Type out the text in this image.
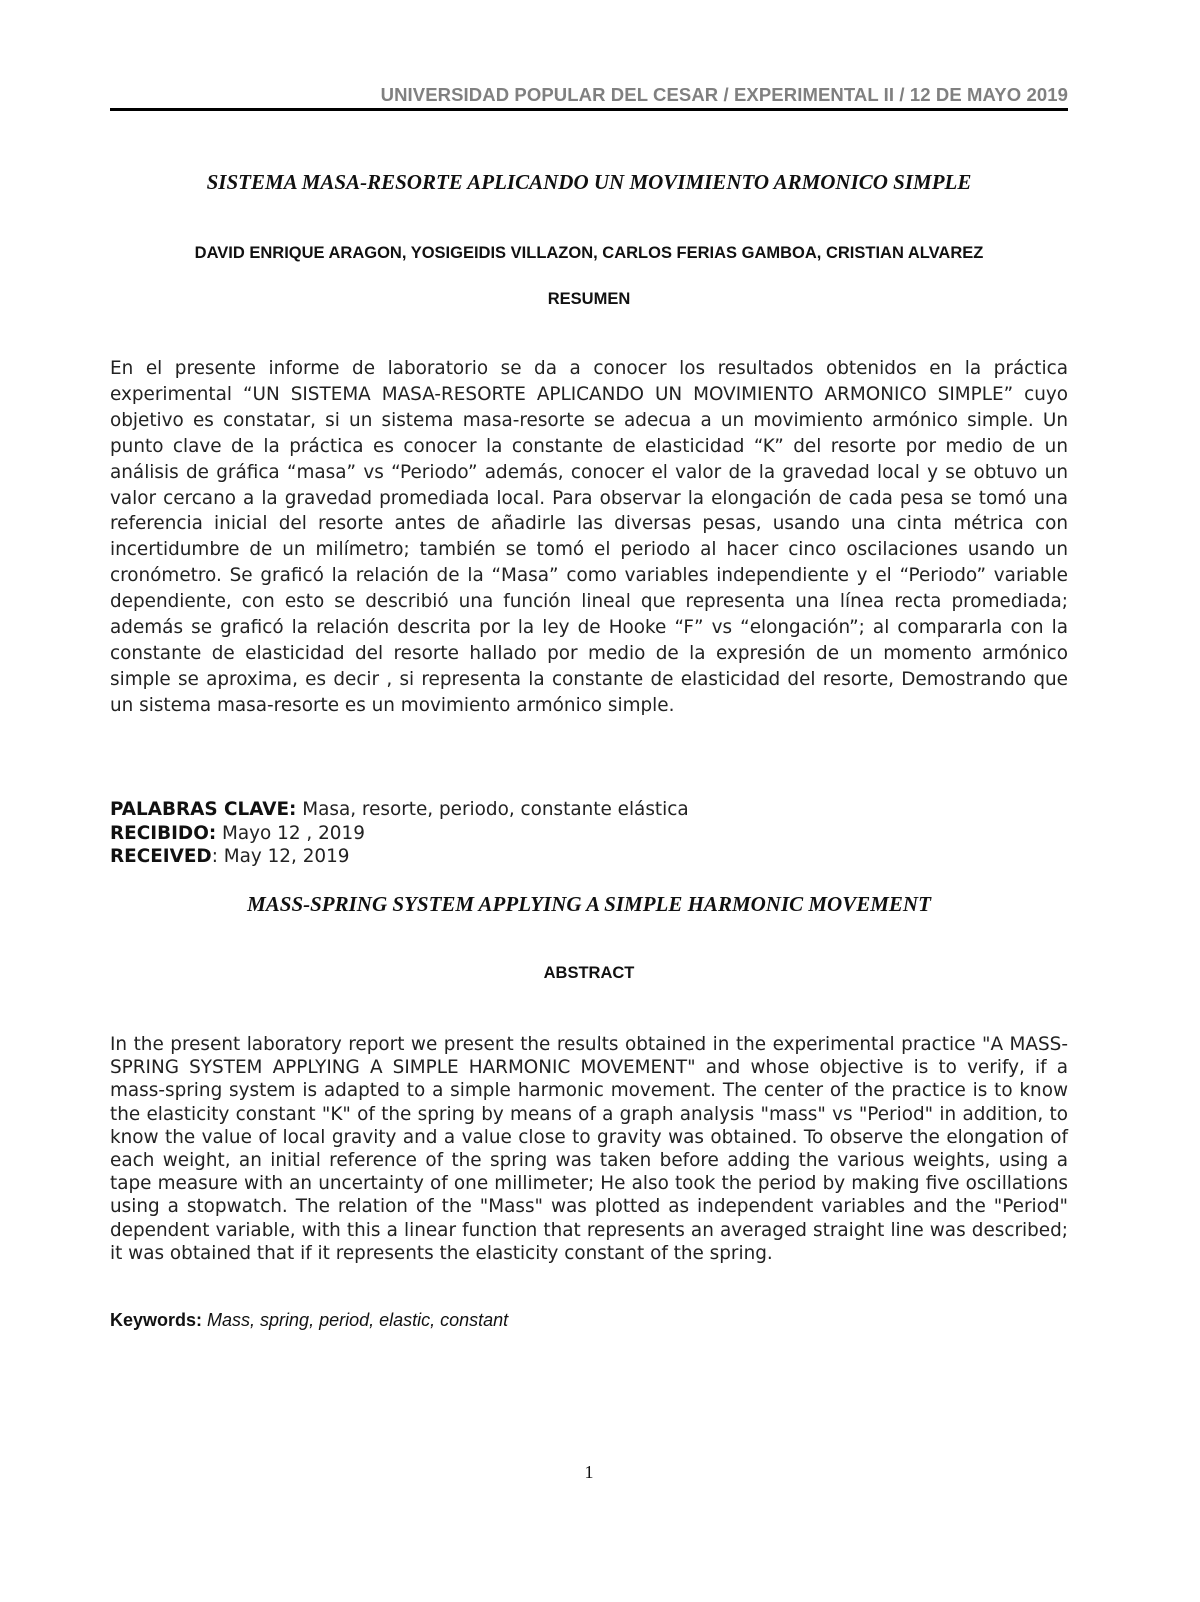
UNIVERSIDAD POPULAR DEL CESAR / EXPERIMENTAL II / 12 DE MAYO 2019
SISTEMA MASA-RESORTE APLICANDO UN MOVIMIENTO ARMONICO SIMPLE
DAVID ENRIQUE ARAGON, YOSIGEIDIS VILLAZON, CARLOS FERIAS GAMBOA, CRISTIAN ALVAREZ
RESUMEN

En el presente informe de laboratorio se da a conocer los resultados obtenidos en la práctica experimental “UN SISTEMA MASA-RESORTE APLICANDO UN MOVIMIENTO ARMONICO SIMPLE” cuyo objetivo es constatar, si un sistema masa-resorte se adecua a un movimiento armónico simple. Un punto clave de la práctica es conocer la constante de elasticidad “K” del resorte por medio de un análisis de gráfica “masa” vs “Periodo” además, conocer el valor de la gravedad local y se obtuvo un valor cercano a la gravedad promediada local. Para observar la elongación de cada pesa se tomó una referencia inicial del resorte antes de añadirle las diversas pesas, usando una cinta métrica con incertidumbre de un milímetro; también se tomó el periodo al hacer cinco oscilaciones usando un cronómetro. Se graficó la relación de la “Masa” como variables independiente y el “Periodo” variable dependiente, con esto se describió una función lineal que representa una línea recta promediada; además se graficó la relación descrita por la ley de Hooke “F” vs “elongación”; al compararla con la constante de elasticidad del resorte hallado por medio de la expresión de un momento armónico simple se aproxima, es decir , si representa la constante de elasticidad del resorte, Demostrando que un sistema masa-resorte es un movimiento armónico simple.

PALABRAS CLAVE: Masa, resorte, periodo, constante elástica
RECIBIDO: Mayo 12 , 2019
RECEIVED: May 12, 2019
MASS-SPRING SYSTEM APPLYING A SIMPLE HARMONIC MOVEMENT
ABSTRACT

In the present laboratory report we present the results obtained in the experimental practice "A MASS-SPRING SYSTEM APPLYING A SIMPLE HARMONIC MOVEMENT" and whose objective is to verify, if a mass-spring system is adapted to a simple harmonic movement. The center of the practice is to know the elasticity constant "K" of the spring by means of a graph analysis "mass" vs "Period" in addition, to know the value of local gravity and a value close to gravity was obtained. To observe the elongation of each weight, an initial reference of the spring was taken before adding the various weights, using a tape measure with an uncertainty of one millimeter; He also took the period by making five oscillations using a stopwatch. The relation of the "Mass" was plotted as independent variables and the "Period" dependent variable, with this a linear function that represents an averaged straight line was described; it was obtained that if it represents the elasticity constant of the spring.

Keywords: Mass, spring, period, elastic, constant
1
